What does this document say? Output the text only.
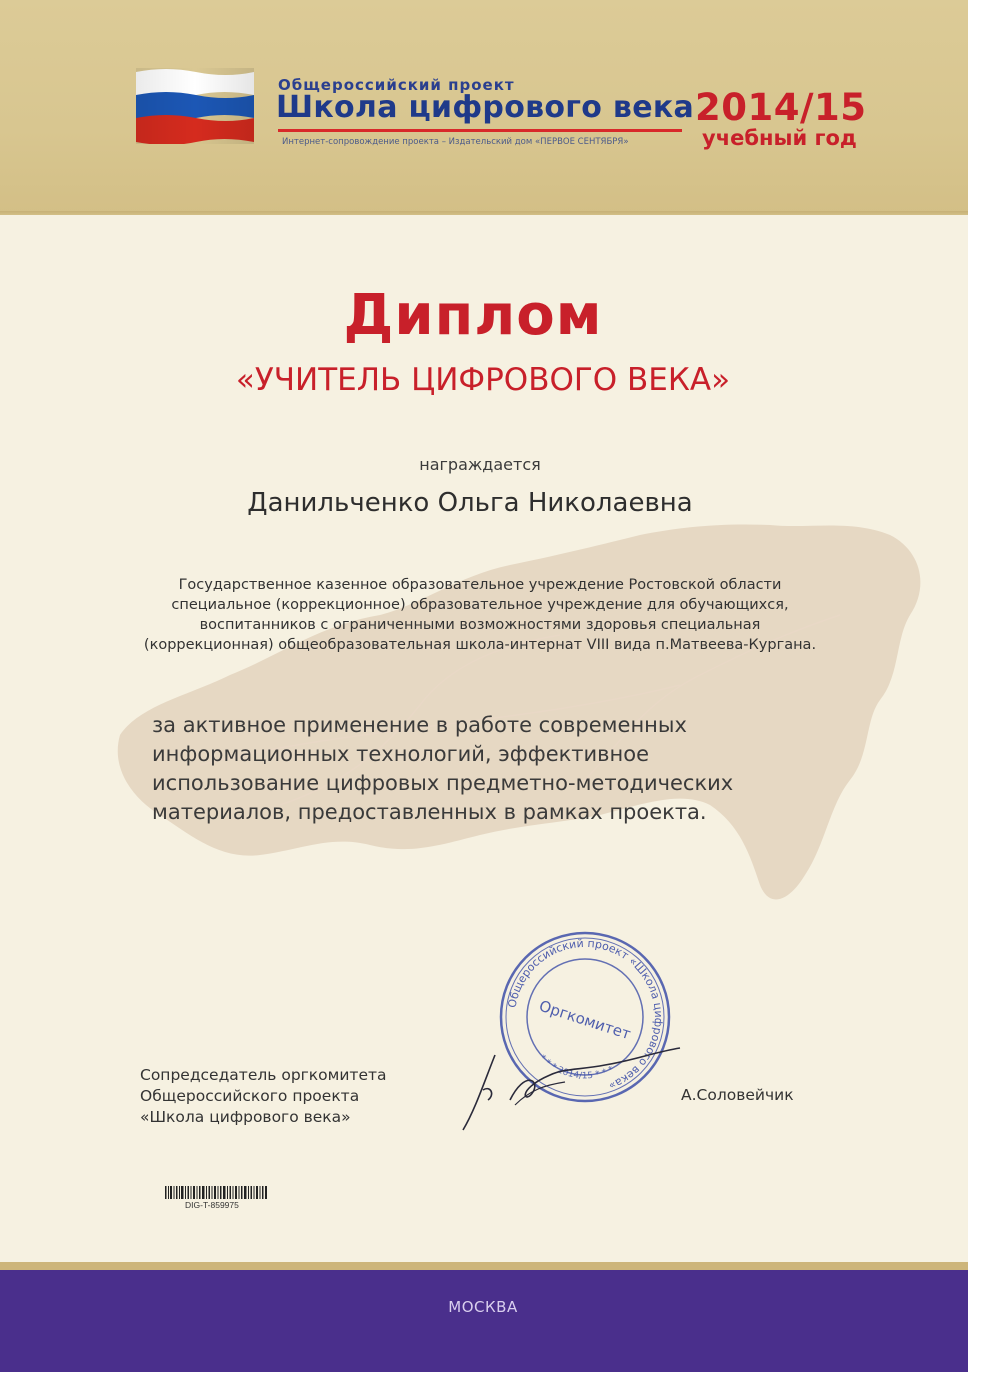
Общероссийский проект
Школа цифрового века
Интернет-сопровождение проекта – Издательский дом «ПЕРВОЕ СЕНТЯБРЯ»
2014/15
учебный год
Диплом
«УЧИТЕЛЬ ЦИФРОВОГО ВЕКА»
награждается
Данильченко Ольга Николаевна
Государственное казенное образовательное учреждение Ростовской области
специальное (коррекционное) образовательное учреждение для обучающихся,
воспитанников с ограниченными возможностями здоровья специальная
(коррекционная) общеобразовательная школа-интернат VIII вида п.Матвеева-Кургана.
за активное применение в работе современных
информационных технологий, эффективное
использование цифровых предметно-методических
материалов, предоставленных в рамках проекта.
Общероссийский проект «Школа цифрового века»
Оргкомитет
* * * 2014/15 * * *
Сопредседатель оргкомитета
Общероссийского проекта
«Школа цифрового века»
А.Соловейчик
DIG-T-859975
МОСКВА
